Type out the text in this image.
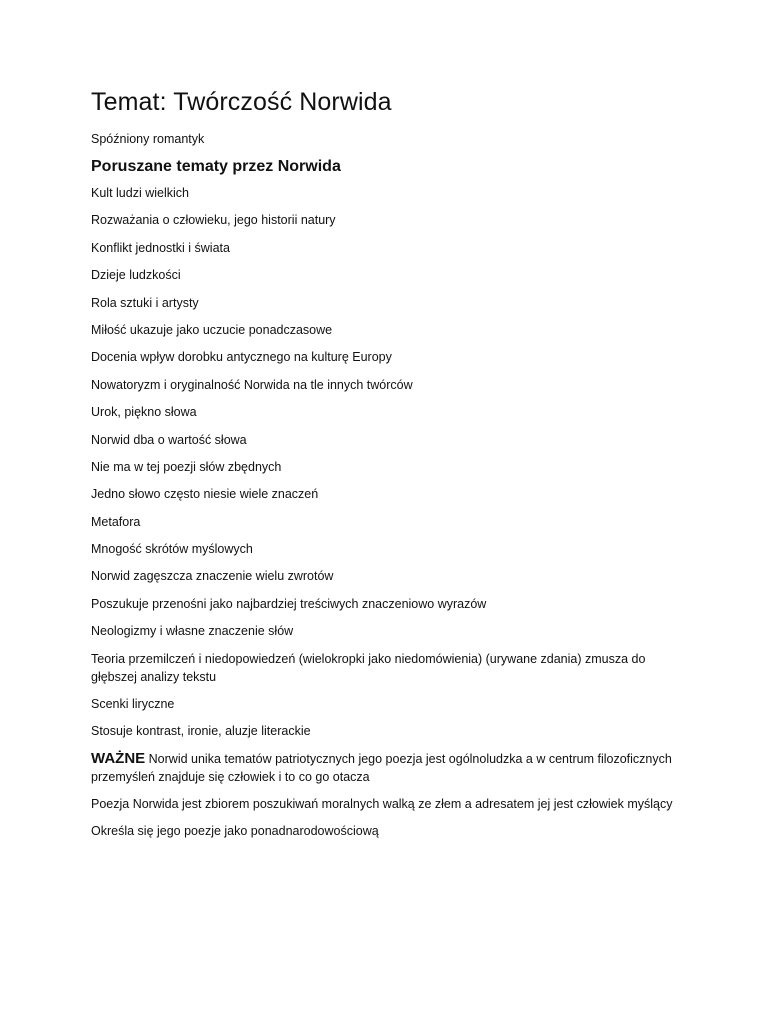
Temat: Twórczość Norwida

Spóźniony romantyk

Poruszane tematy przez Norwida
Kult ludzi wielkich
Rozważania o człowieku, jego historii natury
Konflikt jednostki i świata
Dzieje ludzkości
Rola sztuki i artysty
Miłość ukazuje jako uczucie ponadczasowe
Docenia wpływ dorobku antycznego na kulturę Europy
Nowatoryzm i oryginalność Norwida na tle innych twórców
Urok, piękno słowa
Norwid dba o wartość słowa
Nie ma w tej poezji słów zbędnych
Jedno słowo często niesie wiele znaczeń
Metafora
Mnogość skrótów myślowych
Norwid zagęszcza znaczenie wielu zwrotów
Poszukuje przenośni jako najbardziej treściwych znaczeniowo wyrazów
Neologizmy i własne znaczenie słów
Teoria przemilczeń i niedopowiedzeń (wielokropki jako niedomówienia) (urywane zdania) zmusza do głębszej analizy tekstu
Scenki liryczne
Stosuje kontrast, ironie, aluzje literackie

WAŻNE Norwid unika tematów patriotycznych jego poezja jest ogólnoludzka a w centrum filozoficznych przemyśleń znajduje się człowiek i to co go otacza

Poezja Norwida jest zbiorem poszukiwań moralnych walką ze złem a adresatem jej jest człowiek myślący

Określa się jego poezje jako ponadnarodowościową
